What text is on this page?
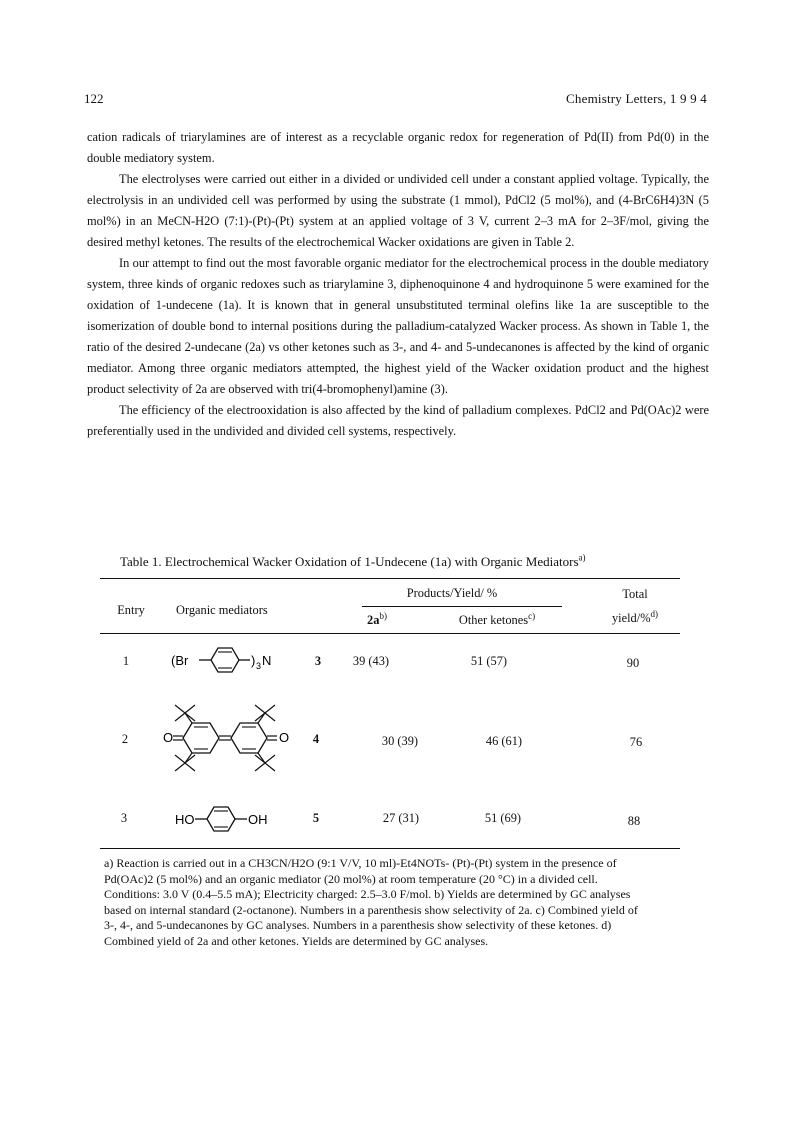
122	Chemistry Letters, 1 9 9 4

cation radicals of triarylamines are of interest as a recyclable organic redox for regeneration of Pd(II) from Pd(0) in the double mediatory system.

The electrolyses were carried out either in a divided or undivided cell under a constant applied voltage. Typically, the electrolysis in an undivided cell was performed by using the substrate (1 mmol), PdCl2 (5 mol%), and (4-BrC6H4)3N (5 mol%) in an MeCN-H2O (7:1)-(Pt)-(Pt) system at an applied voltage of 3 V, current 2–3 mA for 2–3F/mol, giving the desired methyl ketones. The results of the electrochemical Wacker oxidations are given in Table 2.

In our attempt to find out the most favorable organic mediator for the electrochemical process in the double mediatory system, three kinds of organic redoxes such as triarylamine 3, diphenoquinone 4 and hydroquinone 5 were examined for the oxidation of 1-undecene (1a). It is known that in general unsubstituted terminal olefins like 1a are susceptible to the isomerization of double bond to internal positions during the palladium-catalyzed Wacker process. As shown in Table 1, the ratio of the desired 2-undecane (2a) vs other ketones such as 3-, and 4- and 5-undecanones is affected by the kind of organic mediator. Among three organic mediators attempted, the highest yield of the Wacker oxidation product and the highest product selectivity of 2a are observed with tri(4-bromophenyl)amine (3).

The efficiency of the electrooxidation is also affected by the kind of palladium complexes. PdCl2 and Pd(OAc)2 were preferentially used in the undivided and divided cell systems, respectively.

Table 1. Electrochemical Wacker Oxidation of 1-Undecene (1a) with Organic Mediators$^{a)}$
Entry	Organic mediators
Products/Yield/ %
$2a^{b)}$	Other ketones$^{c)}$
Total
yield/%$^{d)}$
1	(Br	) 3 N	3	39 (43)	51 (57)	90
2	O	O 4	30 (39)	46 (61)	76
3	HO	OH	5	27 (31)	51 (69)	88

a) Reaction is carried out in a CH3CN/H2O (9:1 V/V, 10 ml)-Et4NOTs- (Pt)-(Pt) system in the presence of Pd(OAc)2 (5 mol%) and an organic mediator (20 mol%) at room temperature (20 °C) in a divided cell. Conditions: 3.0 V (0.4–5.5 mA); Electricity charged: 2.5–3.0 F/mol. b) Yields are determined by GC analyses based on internal standard (2-octanone). Numbers in a parenthesis show selectivity of 2a. c) Combined yield of 3-, 4-, and 5-undecanones by GC analyses. Numbers in a parenthesis show selectivity of these ketones. d) Combined yield of 2a and other ketones. Yields are determined by GC analyses.
